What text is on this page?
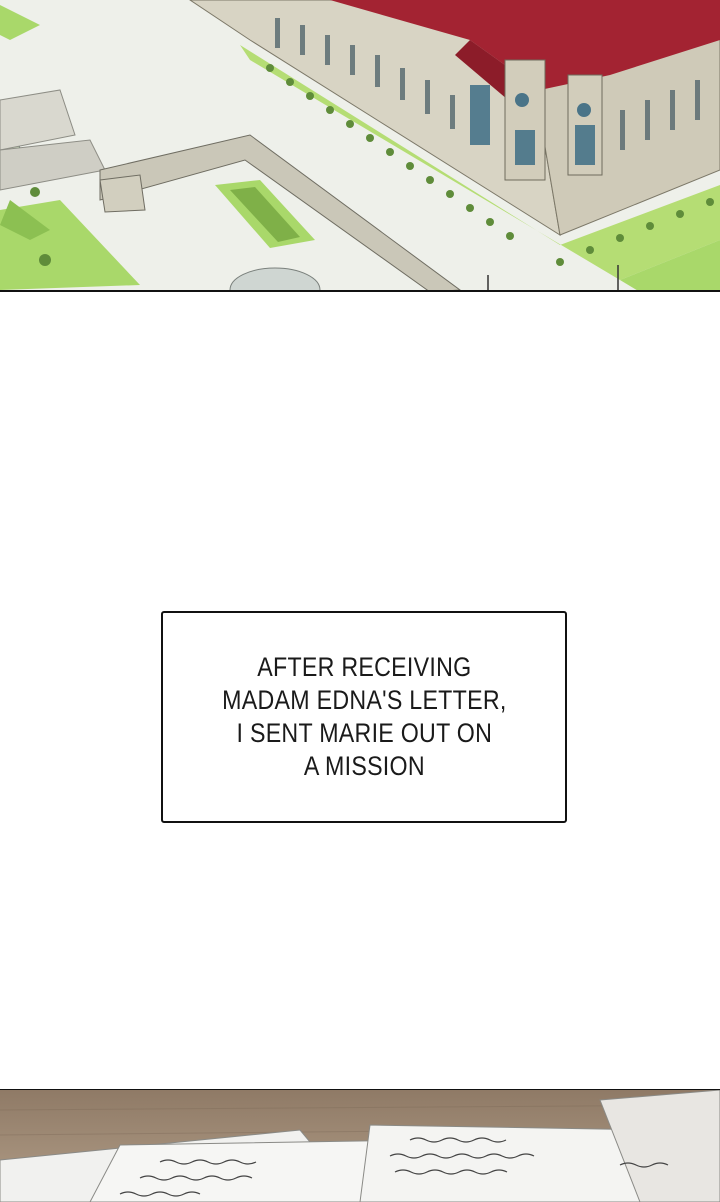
AFTER RECEIVING
MADAM EDNA'S LETTER,
I SENT MARIE OUT ON
A MISSION
